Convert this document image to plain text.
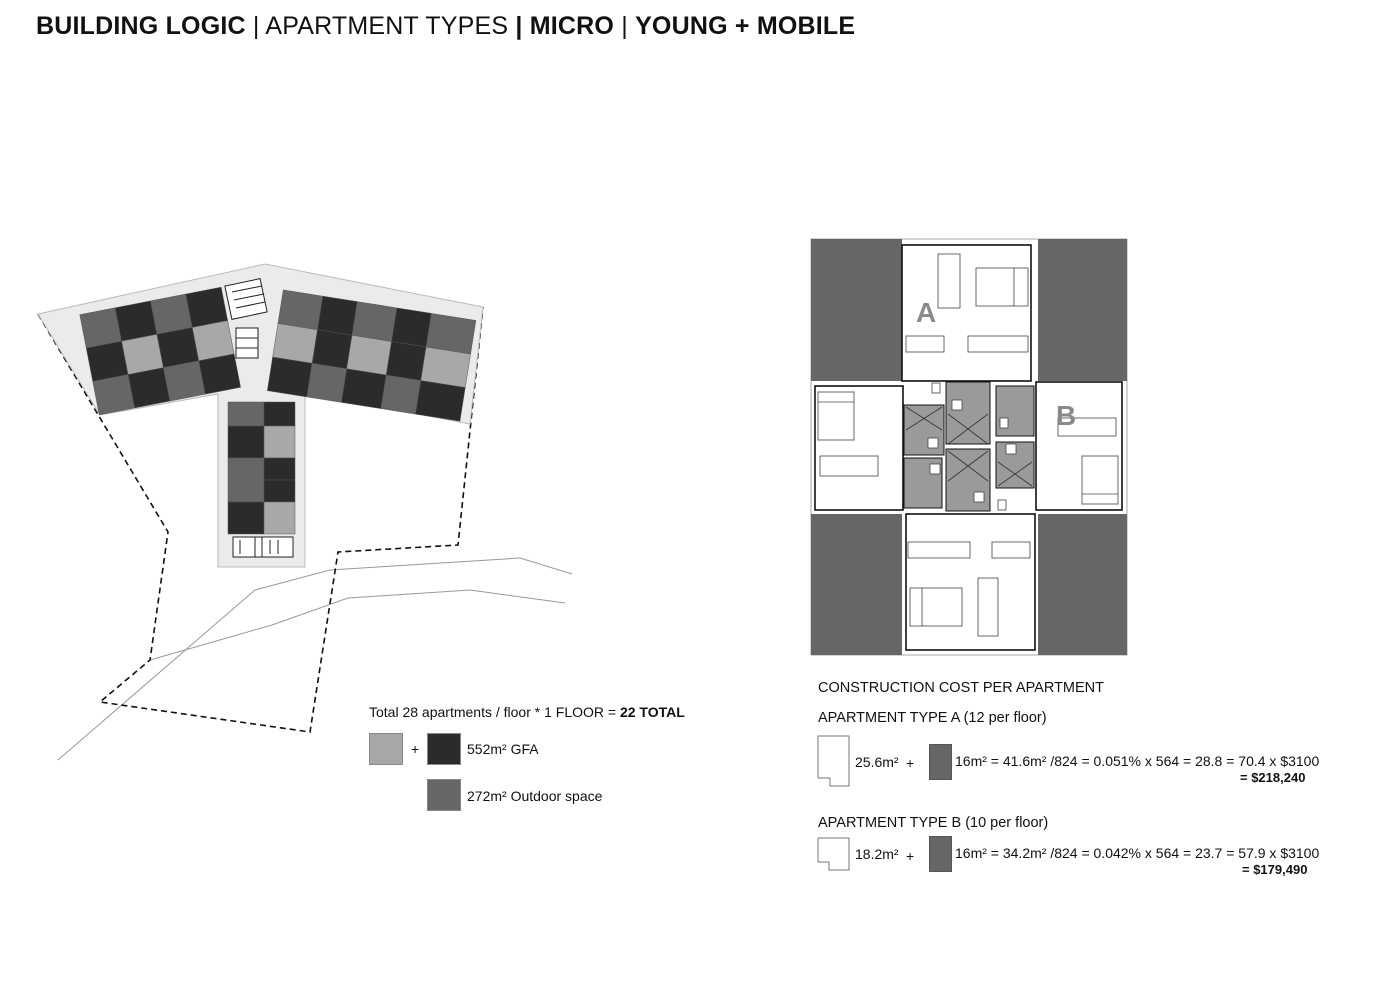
BUILDING LOGIC | APARTMENT TYPES | MICRO | YOUNG + MOBILE
A
B
Total 28 apartments / floor * 1 FLOOR = 22 TOTAL
+	552m² GFA
272m² Outdoor space
CONSTRUCTION COST PER APARTMENT
APARTMENT TYPE A (12 per floor)
25.6m² +	16m² = 41.6m² /824 = 0.051% x 564 = 28.8 = 70.4 x $3100
= $218,240
APARTMENT TYPE B (10 per floor)
18.2m² +	16m² = 34.2m² /824 = 0.042% x 564 = 23.7 = 57.9 x $3100
= $179,490
